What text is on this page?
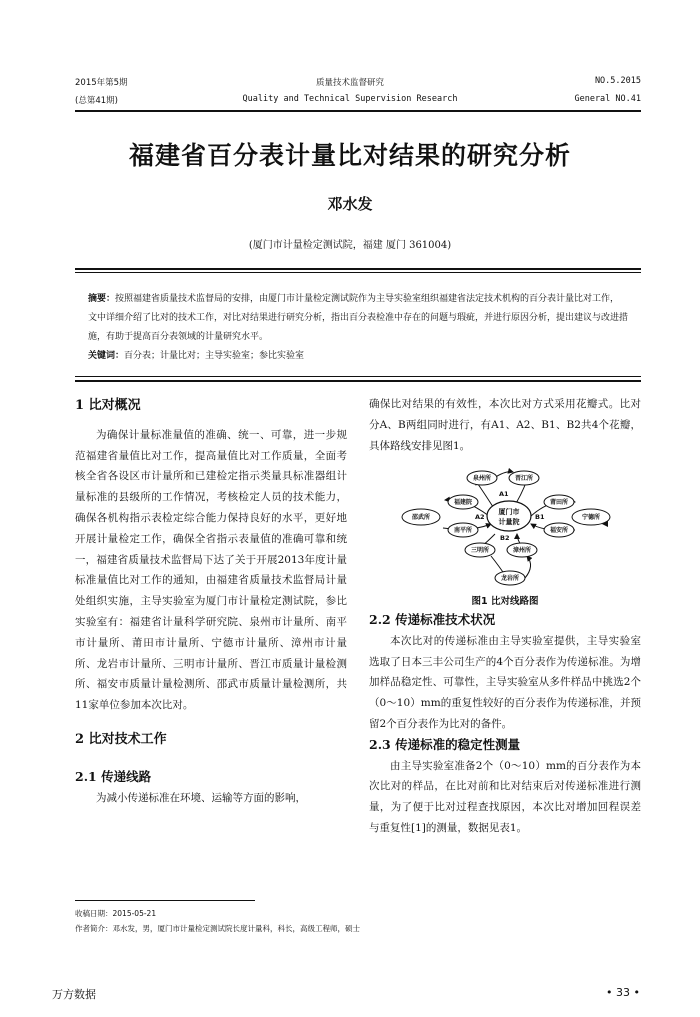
2015年第5期
(总第41期)
质量技术监督研究
Quality and Technical Supervision Research
NO.5.2015
General NO.41
福建省百分表计量比对结果的研究分析
邓水发
(厦门市计量检定测试院，福建 厦门 361004)
摘要：按照福建省质量技术监督局的安排，由厦门市计量检定测试院作为主导实验室组织福建省法定技术机构的百分表计量比对工作，文中详细介绍了比对的技术工作，对比对结果进行研究分析，指出百分表检准中存在的问题与瑕疵，并进行原因分析，提出建议与改进措施，有助于提高百分表领域的计量研究水平。
关键词：百分表；计量比对；主导实验室；参比实验室

1 比对概况

为确保计量标准量值的准确、统一、可靠，进一步规范福建省量值比对工作，提高量值比对工作质量，全面考核全省各设区市计量所和已建检定指示类量具标准器组计量标准的县级所的工作情况，考核检定人员的技术能力，确保各机构指示表检定综合能力保持良好的水平，更好地开展计量检定工作，确保全省指示表量值的准确可靠和统一，福建省质量技术监督局下达了关于开展2013年度计量标准量值比对工作的通知，由福建省质量技术监督局计量处组织实施，主导实验室为厦门市计量检定测试院，参比实验室有：福建省计量科学研究院、泉州市计量所、南平市计量所、莆田市计量所、宁德市计量所、漳州市计量所、龙岩市计量所、三明市计量所、晋江市质量计量检测所、福安市质量计量检测所、邵武市质量计量检测所，共11家单位参加本次比对。

2 比对技术工作

2.1 传递线路

为减小传递标准在环境、运输等方面的影响，

确保比对结果的有效性，本次比对方式采用花瓣式。比对分A、B两组同时进行，有A1、A2、B1、B2共4个花瓣，具体路线安排见图1。

泉州所	晋江所
福建院	莆田所
邵武所	宁德所
南平所	福安所
三明所	漳州所
龙岩所
厦门市
计量院
A1
A2	B1
B2
图1 比对线路图

2.2 传递标准技术状况

本次比对的传递标准由主导实验室提供，主导实验室选取了日本三丰公司生产的4个百分表作为传递标准。为增加样品稳定性、可靠性，主导实验室从多件样品中挑选2个（0～10）mm的重复性较好的百分表作为传递标准，并预留2个百分表作为比对的备件。

2.3 传递标准的稳定性测量

由主导实验室准备2个（0～10）mm的百分表作为本次比对的样品，在比对前和比对结束后对传递标准进行测量，为了便于比对过程查找原因，本次比对增加回程误差与重复性[1]的测量，数据见表1。

收稿日期：2015-05-21
作者简介：邓水发，男，厦门市计量检定测试院长度计量科，科长，高级工程师，硕士
万方数据	• 33 •
